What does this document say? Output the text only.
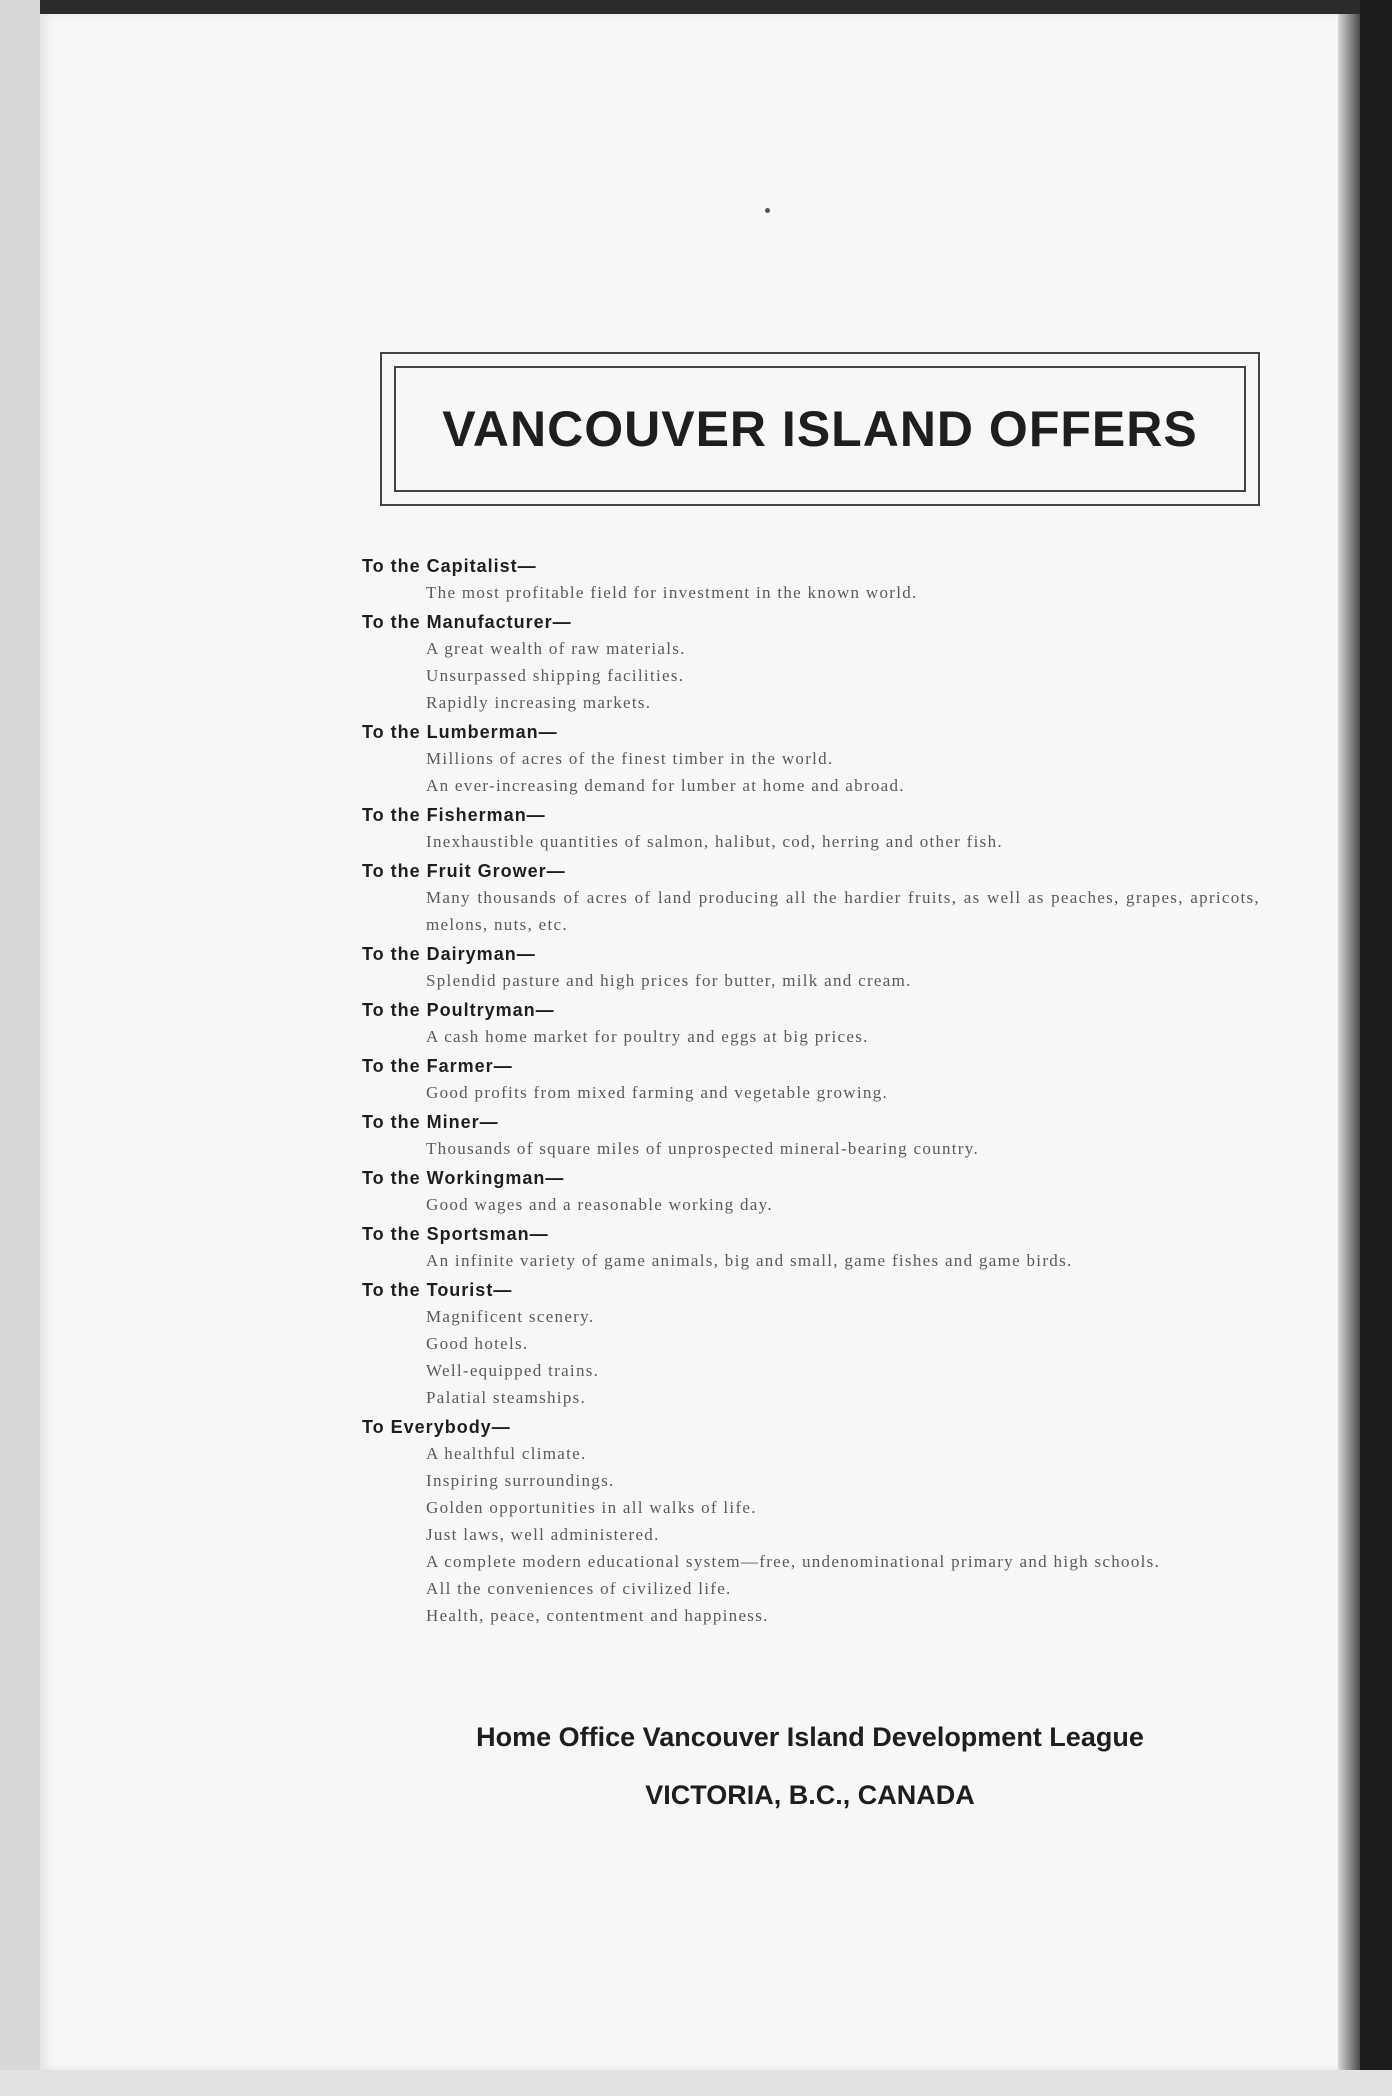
VANCOUVER ISLAND OFFERS
To the Capitalist—
The most profitable field for investment in the known world.
To the Manufacturer—
A great wealth of raw materials.
Unsurpassed shipping facilities.
Rapidly increasing markets.
To the Lumberman—
Millions of acres of the finest timber in the world.
An ever-increasing demand for lumber at home and abroad.
To the Fisherman—
Inexhaustible quantities of salmon, halibut, cod, herring and other fish.
To the Fruit Grower—
Many thousands of acres of land producing all the hardier fruits, as well as peaches, grapes, apricots, melons, nuts, etc.
To the Dairyman—
Splendid pasture and high prices for butter, milk and cream.
To the Poultryman—
A cash home market for poultry and eggs at big prices.
To the Farmer—
Good profits from mixed farming and vegetable growing.
To the Miner—
Thousands of square miles of unprospected mineral-bearing country.
To the Workingman—
Good wages and a reasonable working day.
To the Sportsman—
An infinite variety of game animals, big and small, game fishes and game birds.
To the Tourist—
Magnificent scenery.
Good hotels.
Well-equipped trains.
Palatial steamships.
To Everybody—
A healthful climate.
Inspiring surroundings.
Golden opportunities in all walks of life.
Just laws, well administered.
A complete modern educational system—free, undenominational primary and high schools.
All the conveniences of civilized life.
Health, peace, contentment and happiness.
Home Office Vancouver Island Development League
VICTORIA, B.C., CANADA
